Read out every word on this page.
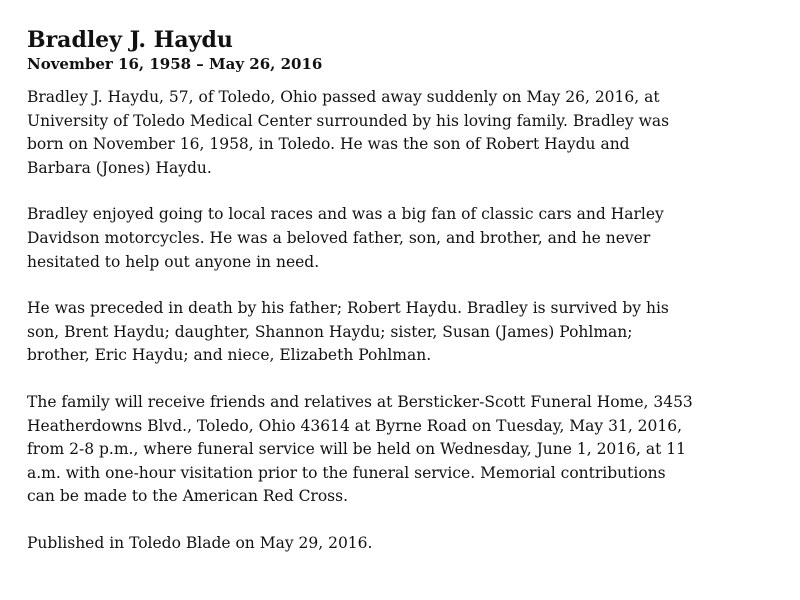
Bradley J. Haydu
November 16, 1958 – May 26, 2016

Bradley J. Haydu, 57, of Toledo, Ohio passed away suddenly on May 26, 2016, at
University of Toledo Medical Center surrounded by his loving family. Bradley was
born on November 16, 1958, in Toledo. He was the son of Robert Haydu and
Barbara (Jones) Haydu.

Bradley enjoyed going to local races and was a big fan of classic cars and Harley
Davidson motorcycles. He was a beloved father, son, and brother, and he never
hesitated to help out anyone in need.

He was preceded in death by his father; Robert Haydu. Bradley is survived by his
son, Brent Haydu; daughter, Shannon Haydu; sister, Susan (James) Pohlman;
brother, Eric Haydu; and niece, Elizabeth Pohlman.

The family will receive friends and relatives at Bersticker-Scott Funeral Home, 3453
Heatherdowns Blvd., Toledo, Ohio 43614 at Byrne Road on Tuesday, May 31, 2016,
from 2-8 p.m., where funeral service will be held on Wednesday, June 1, 2016, at 11
a.m. with one-hour visitation prior to the funeral service. Memorial contributions
can be made to the American Red Cross.

Published in Toledo Blade on May 29, 2016.
